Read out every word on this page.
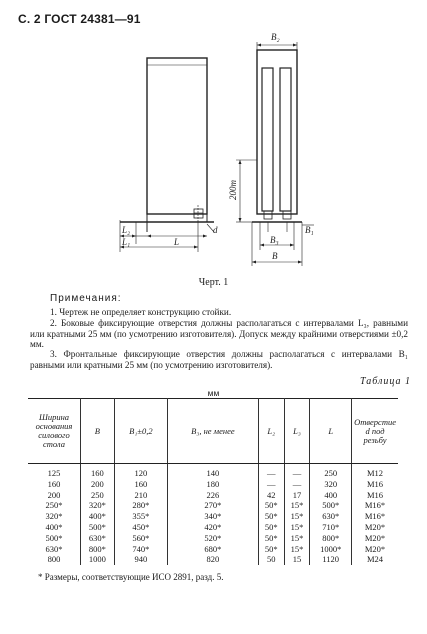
С. 2 ГОСТ 24381—91
B₂
200m
L₂
L₁	L
d	B₁
B₃
B
Черт. 1
Примечания:
1. Чертеж не определяет конструкцию стойки.
2. Боковые фиксирующие отверстия должны располагаться с интервалами L₃, равными или кратными 25 мм (по усмотрению изготовителя). Допуск между крайними отверстиями ±0,2 мм.
3. Фронтальные фиксирующие отверстия должны располагаться с интервалами B₁ равными или кратными 25 мм (по усмотрению изготовителя).
Таблица 1
мм
Ширина основания силового стола	B	B₁±0,2	B₃, не менее	L₂	L₃	L	Отверстие d под резьбу
125	160	120	140	—	—	250	M12
160	200	160	180	—	—	320	M16
200	250	210	226	42	17	400	M16
250*	320*	280*	270*	50*	15*	500*	M16*
320*	400*	355*	340*	50*	15*	630*	M16*
400*	500*	450*	420*	50*	15*	710*	M20*
500*	630*	560*	520*	50*	15*	800*	M20*
630*	800*	740*	680*	50*	15*	1000*	M20*
800	1000	940	820	50	15	1120	M24
* Размеры, соответствующие ИСО 2891, разд. 5.
